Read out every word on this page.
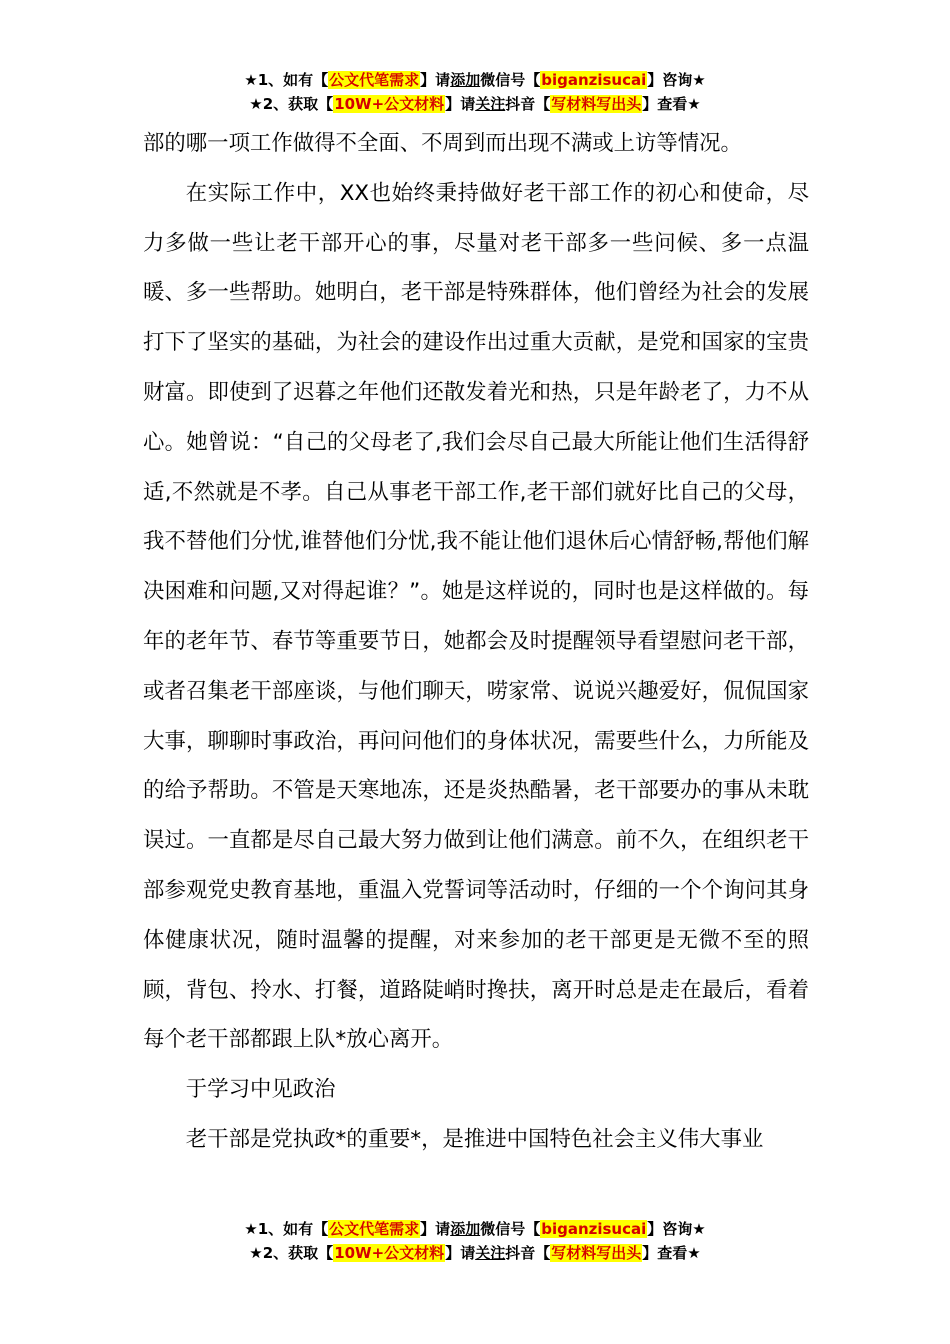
★1、如有【公文代笔需求】请添加微信号【biganzisucai】咨询★
★2、获取【10W+公文材料】请关注抖音【写材料写出头】查看★

部的哪一项工作做得不全面、不周到而出现不满或上访等情况。

在实际工作中，XX也始终秉持做好老干部工作的初心和使命，尽力多做一些让老干部开心的事，尽量对老干部多一些问候、多一点温暖、多一些帮助。她明白，老干部是特殊群体，他们曾经为社会的发展打下了坚实的基础，为社会的建设作出过重大贡献，是党和国家的宝贵财富。即使到了迟暮之年他们还散发着光和热，只是年龄老了，力不从心。她曾说：“自己的父母老了,我们会尽自己最大所能让他们生活得舒适,不然就是不孝。自己从事老干部工作,老干部们就好比自己的父母，我不替他们分忧,谁替他们分忧,我不能让他们退休后心情舒畅,帮他们解决困难和问题,又对得起谁？”。她是这样说的，同时也是这样做的。每年的老年节、春节等重要节日，她都会及时提醒领导看望慰问老干部，或者召集老干部座谈，与他们聊天，唠家常、说说兴趣爱好，侃侃国家大事，聊聊时事政治，再问问他们的身体状况，需要些什么，力所能及的给予帮助。不管是天寒地冻，还是炎热酷暑，老干部要办的事从未耽误过。一直都是尽自己最大努力做到让他们满意。前不久，在组织老干部参观党史教育基地，重温入党誓词等活动时，仔细的一个个询问其身体健康状况，随时温馨的提醒，对来参加的老干部更是无微不至的照顾，背包、拎水、打餐，道路陡峭时搀扶，离开时总是走在最后，看着每个老干部都跟上队*放心离开。

于学习中见政治

老干部是党执政*的重要*，是推进中国特色社会主义伟大事业

★1、如有【公文代笔需求】请添加微信号【biganzisucai】咨询★
★2、获取【10W+公文材料】请关注抖音【写材料写出头】查看★
